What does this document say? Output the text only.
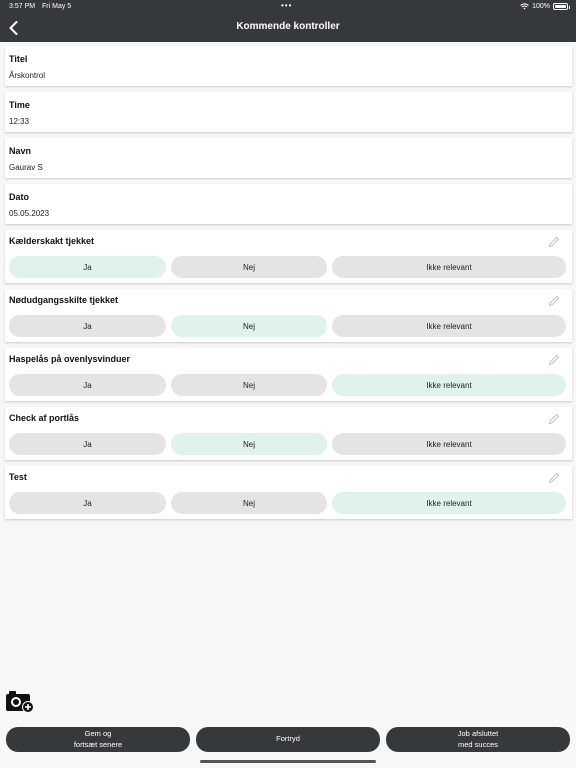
3:57 PM Fri May 5	•••	100%
Kommende kontroller
Titel
Årskontrol
Time
12:33
Navn
Gaurav S
Dato
05.05.2023
Kælderskakt tjekket
Ja	Nej	Ikke relevant
Nødudgangsskilte tjekket
Ja	Nej	Ikke relevant
Haspelås på ovenlysvinduer
Ja	Nej	Ikke relevant
Check af portlås
Ja	Nej	Ikke relevant
Test
Ja	Nej	Ikke relevant
Gem og
fortsæt senere
Fortryd
Job afsluttet
med succes
